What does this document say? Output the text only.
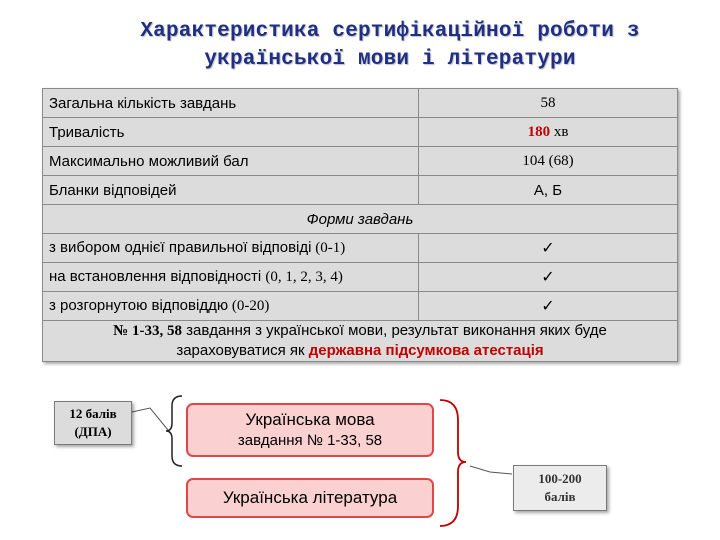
Характеристика сертифікаційної роботи з
української мови і літератури
Загальна кількість завдань	58
Тривалість	180 хв
Максимально можливий бал	104 (68)
Бланки відповідей	А, Б
Форми завдань	
з вибором однієї правильної відповіді (0-1)	✓
на встановлення відповідності (0, 1, 2, 3, 4)	✓
з розгорнутою відповіддю (0-20)	✓
№ 1-33, 58 завдання з української мови, результат виконання яких буде
зараховуватися як державна підсумкова атестація	
12 балів
(ДПА)
Українська мова
завдання № 1-33, 58
Українська література
100-200
балів
